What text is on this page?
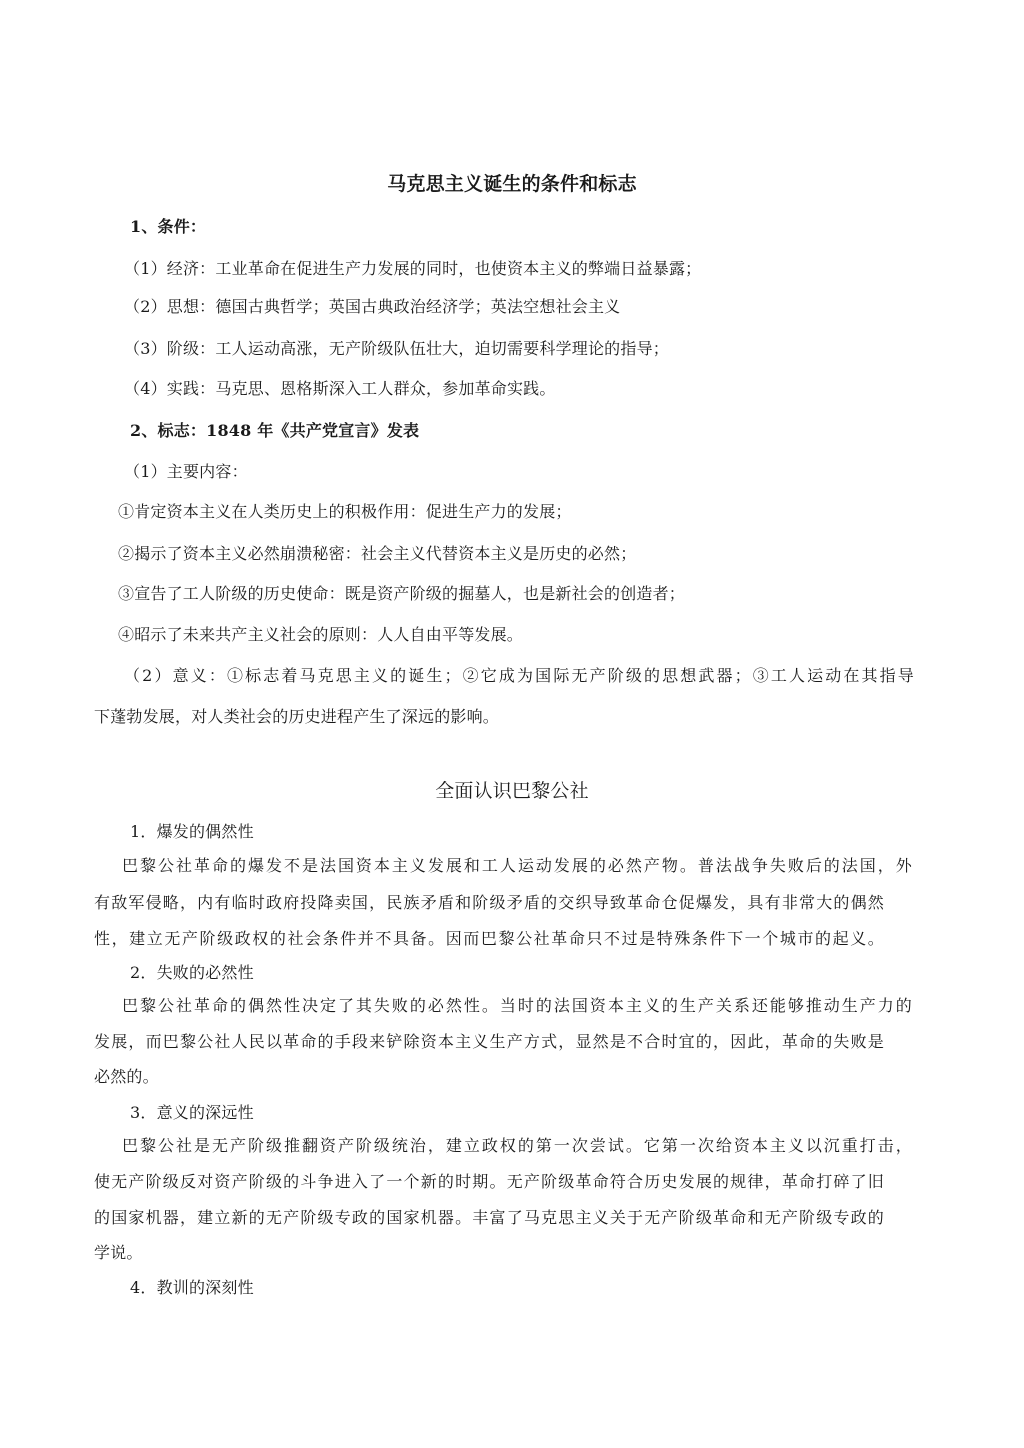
马克思主义诞生的条件和标志
1、条件：
（1）经济：工业革命在促进生产力发展的同时，也使资本主义的弊端日益暴露；
（2）思想：德国古典哲学；英国古典政治经济学；英法空想社会主义
（3）阶级：工人运动高涨，无产阶级队伍壮大，迫切需要科学理论的指导；
（4）实践：马克思、恩格斯深入工人群众，参加革命实践。
2、标志：1848 年《共产党宣言》发表
（1）主要内容：
①肯定资本主义在人类历史上的积极作用：促进生产力的发展；
②揭示了资本主义必然崩溃秘密：社会主义代替资本主义是历史的必然；
③宣告了工人阶级的历史使命：既是资产阶级的掘墓人，也是新社会的创造者；
④昭示了未来共产主义社会的原则：人人自由平等发展。
（2）意义：①标志着马克思主义的诞生；②它成为国际无产阶级的思想武器；③工人运动在其指导
下蓬勃发展，对人类社会的历史进程产生了深远的影响。
全面认识巴黎公社
1．爆发的偶然性
巴黎公社革命的爆发不是法国资本主义发展和工人运动发展的必然产物。普法战争失败后的法国，外
有敌军侵略，内有临时政府投降卖国，民族矛盾和阶级矛盾的交织导致革命仓促爆发，具有非常大的偶然
性，建立无产阶级政权的社会条件并不具备。因而巴黎公社革命只不过是特殊条件下一个城市的起义。
2．失败的必然性
巴黎公社革命的偶然性决定了其失败的必然性。当时的法国资本主义的生产关系还能够推动生产力的
发展，而巴黎公社人民以革命的手段来铲除资本主义生产方式，显然是不合时宜的，因此，革命的失败是
必然的。
3．意义的深远性
巴黎公社是无产阶级推翻资产阶级统治，建立政权的第一次尝试。它第一次给资本主义以沉重打击，
使无产阶级反对资产阶级的斗争进入了一个新的时期。无产阶级革命符合历史发展的规律，革命打碎了旧
的国家机器，建立新的无产阶级专政的国家机器。丰富了马克思主义关于无产阶级革命和无产阶级专政的
学说。
4．教训的深刻性
